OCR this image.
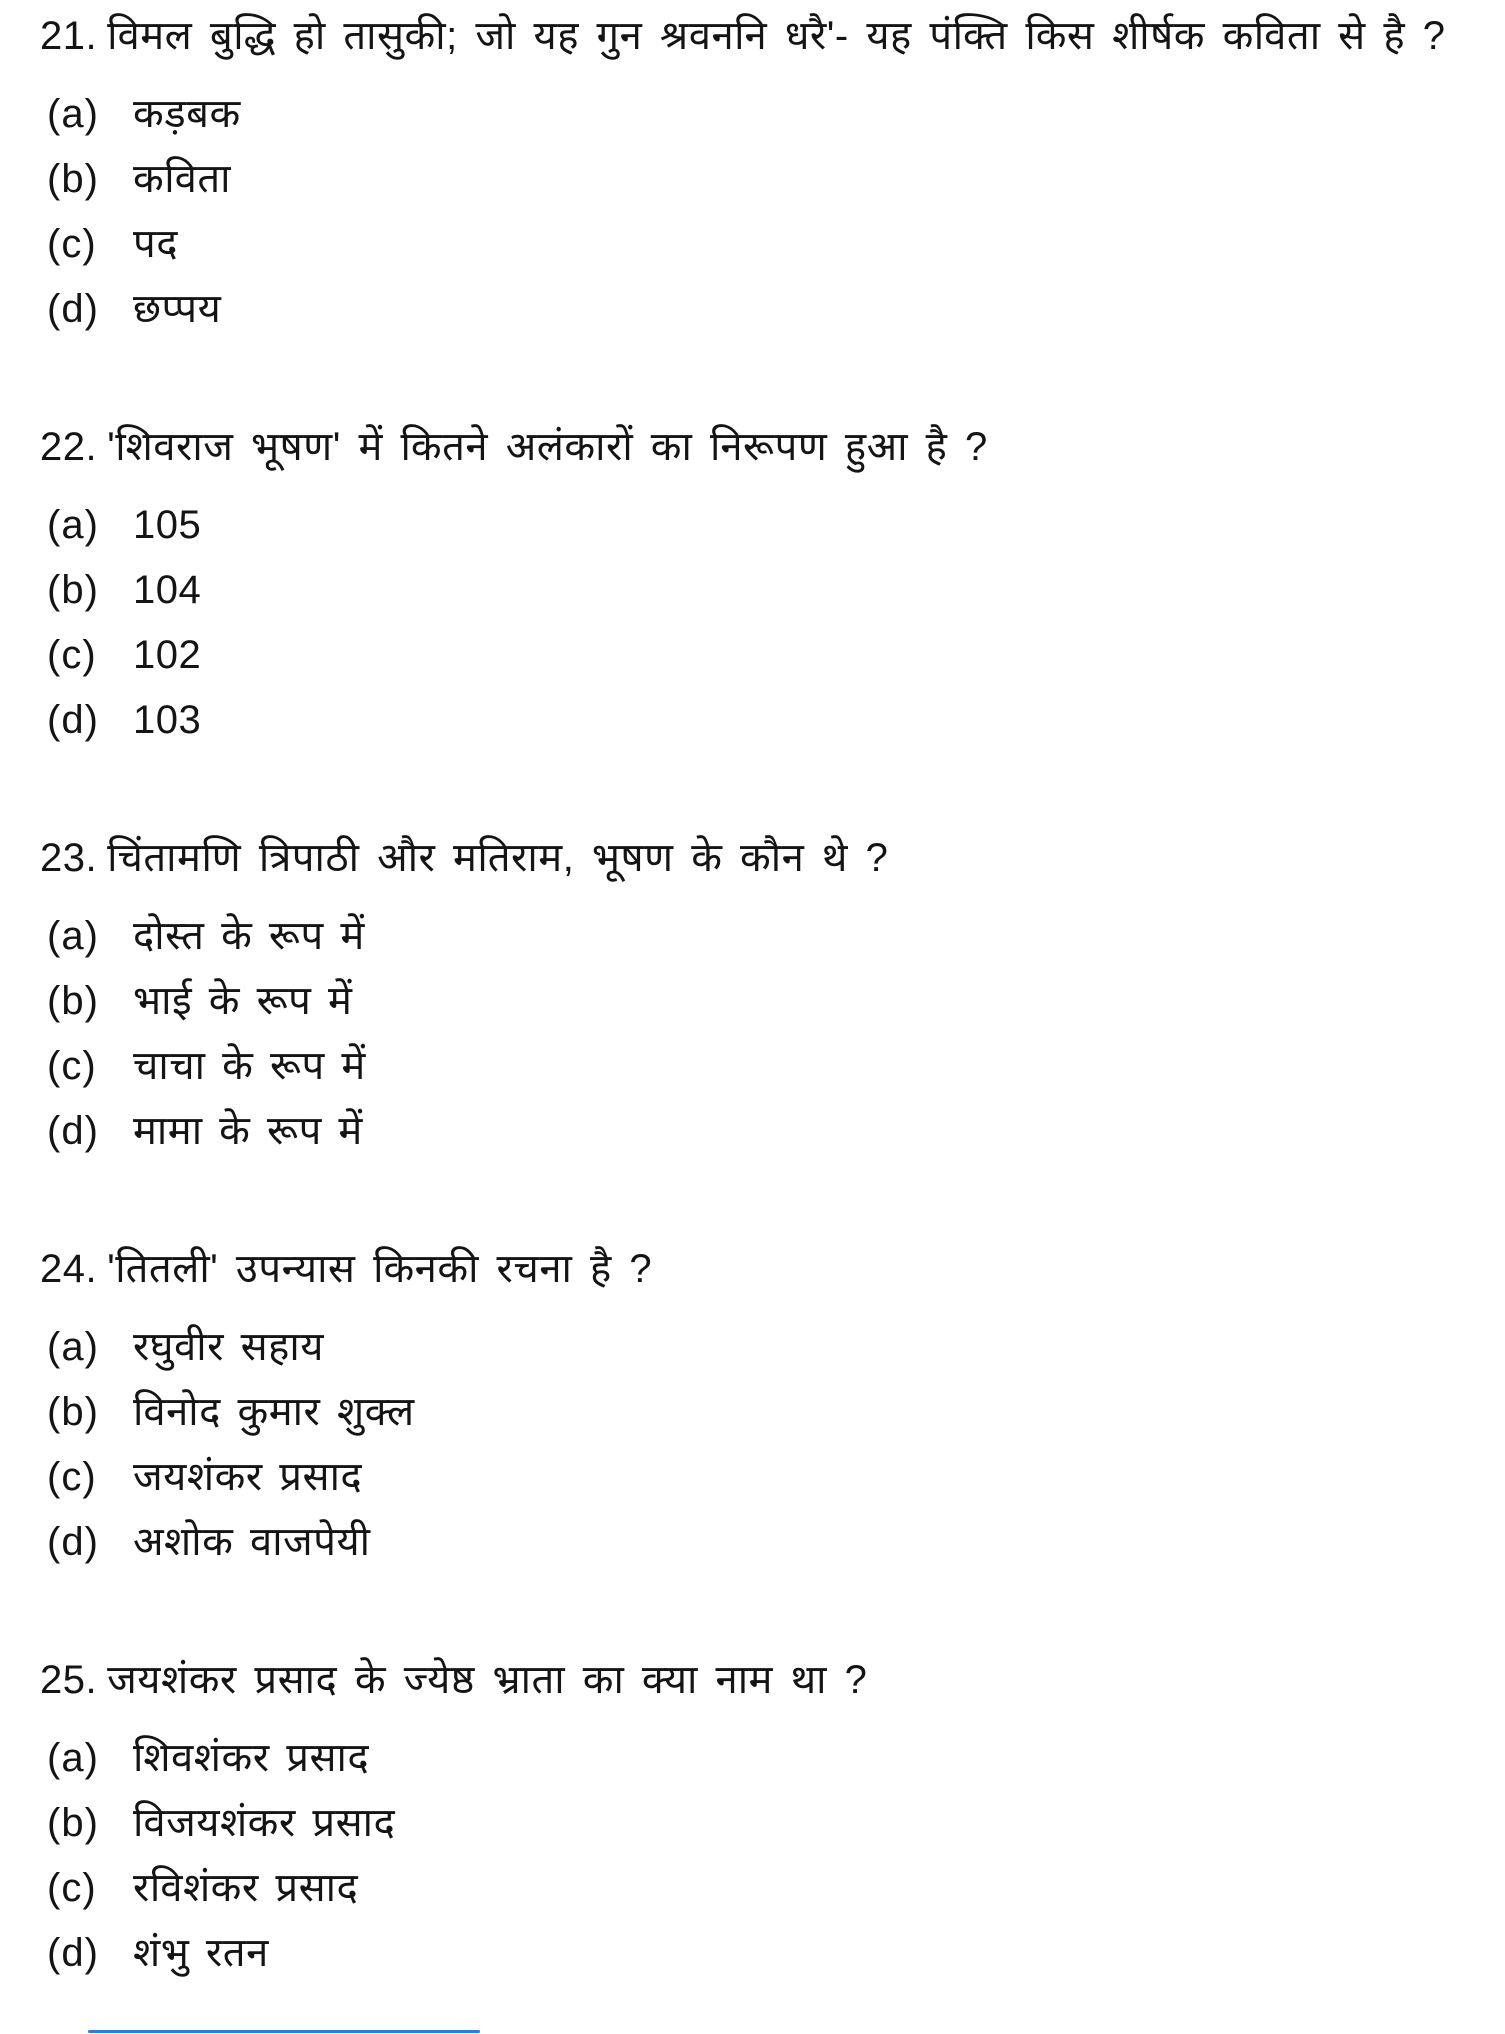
21. विमल बुद्धि हो तासुकी; जो यह गुन श्रवननि धरै'- यह पंक्ति किस शीर्षक कविता से है ?
(a) कड़बक
(b) कविता
(c) पद
(d) छप्पय
22. 'शिवराज भूषण' में कितने अलंकारों का निरूपण हुआ है ?
(a) 105
(b) 104
(c) 102
(d) 103
23. चिंतामणि त्रिपाठी और मतिराम, भूषण के कौन थे ?
(a) दोस्त के रूप में
(b) भाई के रूप में
(c) चाचा के रूप में
(d) मामा के रूप में
24. 'तितली' उपन्यास किनकी रचना है ?
(a) रघुवीर सहाय
(b) विनोद कुमार शुक्ल
(c) जयशंकर प्रसाद
(d) अशोक वाजपेयी
25. जयशंकर प्रसाद के ज्येष्ठ भ्राता का क्या नाम था ?
(a) शिवशंकर प्रसाद
(b) विजयशंकर प्रसाद
(c) रविशंकर प्रसाद
(d) शंभु रतन
